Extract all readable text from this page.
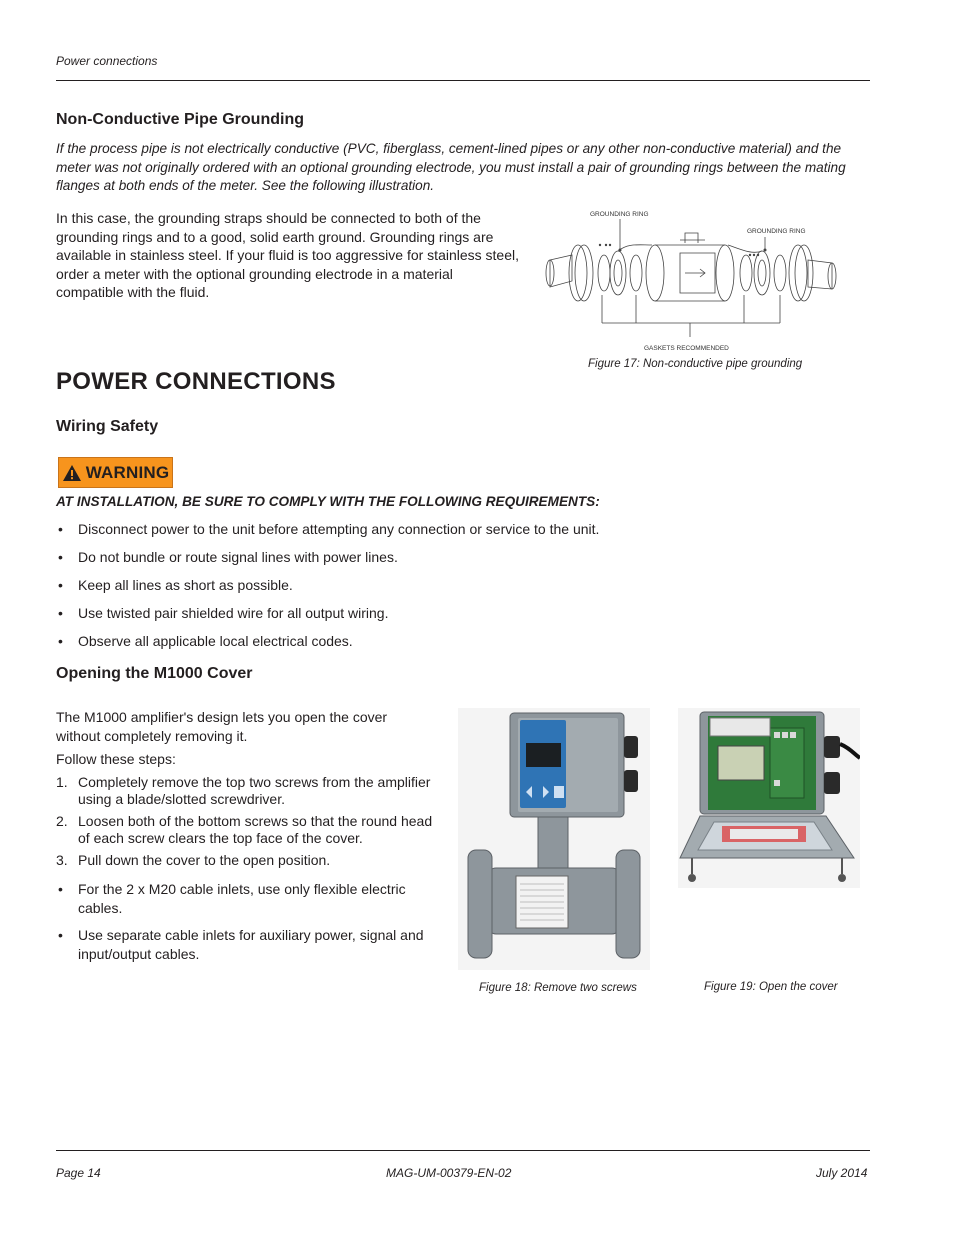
Power connections
Non-Conductive Pipe Grounding
If the process pipe is not electrically conductive (PVC, fiberglass, cement-lined pipes or any other non-conductive material) and the meter was not originally ordered with an optional grounding electrode, you must install a pair of grounding rings between the mating flanges at both ends of the meter. See the following illustration.
In this case, the grounding straps should be connected to both of the grounding rings and to a good, solid earth ground. Grounding rings are available in stainless steel. If your fluid is too aggressive for stainless steel, order a meter with the optional grounding electrode in a material compatible with the fluid.
GROUNDING RING
GROUNDING RING
GASKETS RECOMMENDED
Figure 17: Non-conductive pipe grounding
POWER CONNECTIONS
Wiring Safety
WARNING
AT INSTALLATION, BE SURE TO COMPLY WITH THE FOLLOWING REQUIREMENTS:
• Disconnect power to the unit before attempting any connection or service to the unit.
• Do not bundle or route signal lines with power lines.
• Keep all lines as short as possible.
• Use twisted pair shielded wire for all output wiring.
• Observe all applicable local electrical codes.
Opening the M1000 Cover
The M1000 amplifier's design lets you open the cover without completely removing it.
Follow these steps:
1. Completely remove the top two screws from the amplifier using a blade/slotted screwdriver.
2. Loosen both of the bottom screws so that the round head of each screw clears the top face of the cover.
3. Pull down the cover to the open position.
• For the 2 x M20 cable inlets, use only flexible electric cables.
• Use separate cable inlets for auxiliary power, signal and input/output cables.
Figure 18: Remove two screws	Figure 19: Open the cover
Page 14	MAG-UM-00379-EN-02	July 2014
